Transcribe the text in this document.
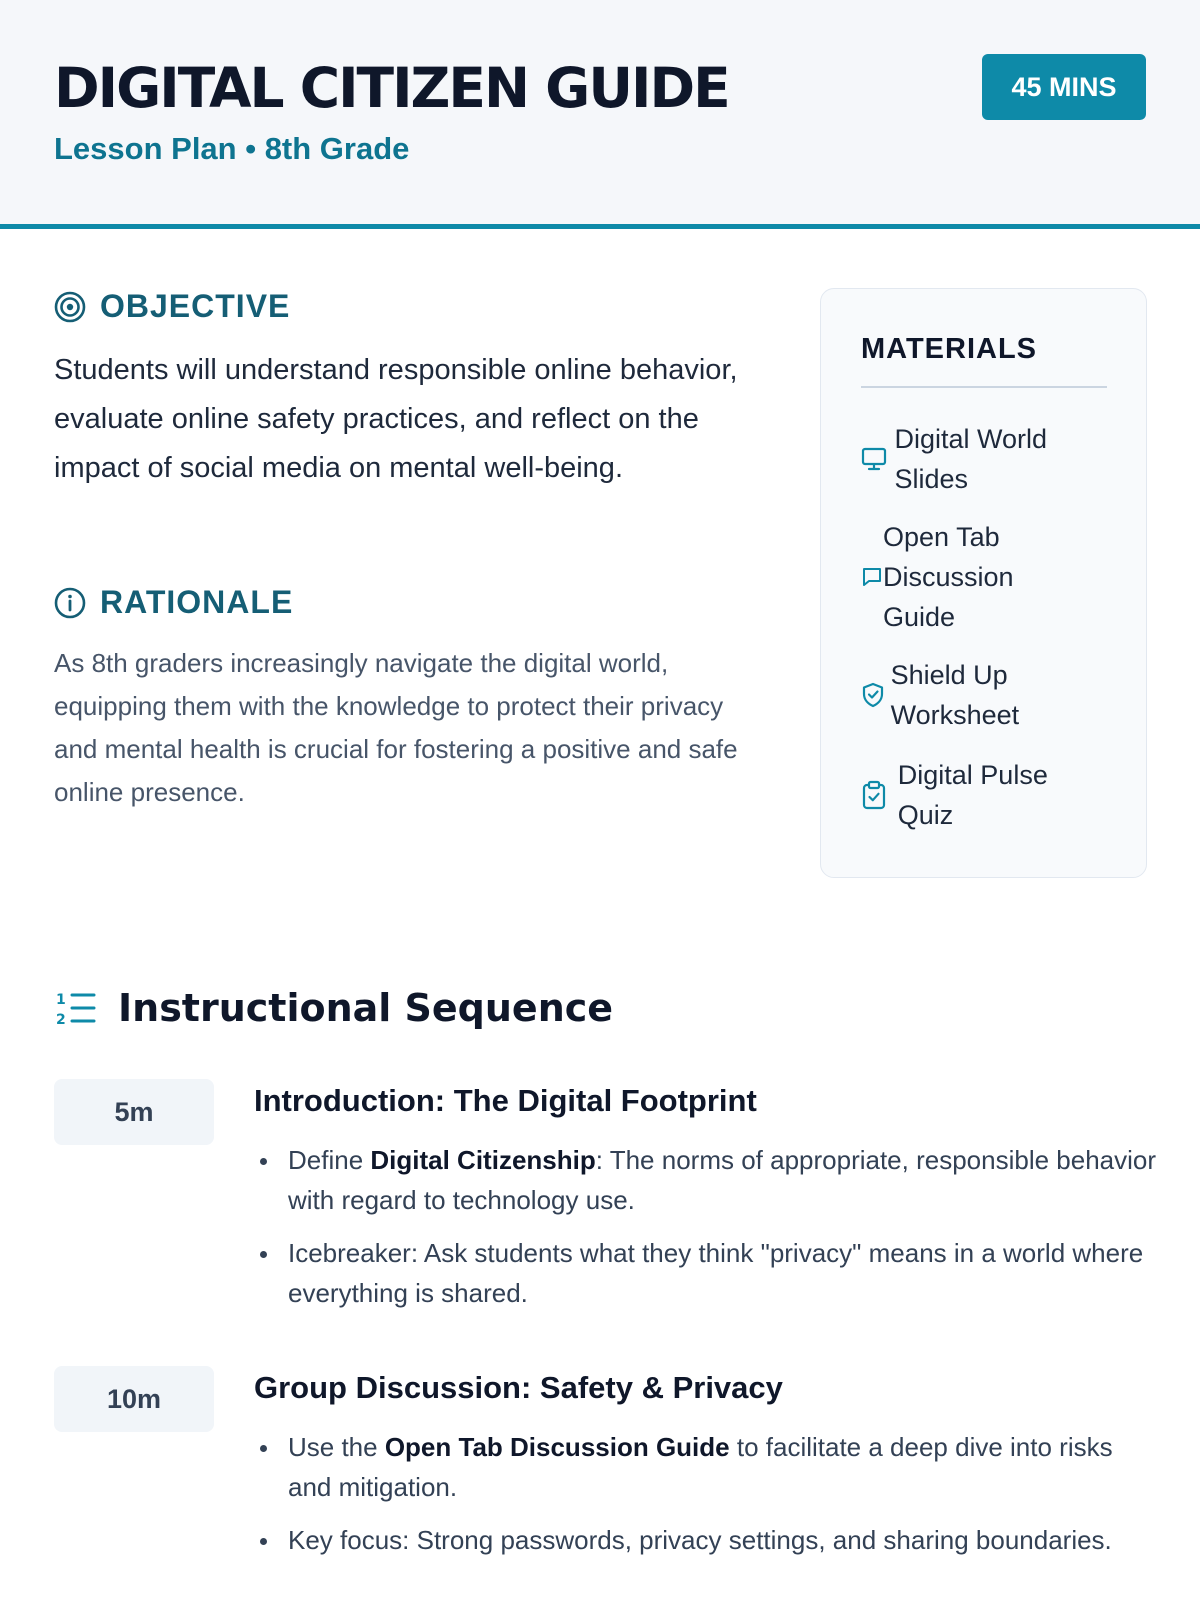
DIGITAL CITIZEN GUIDE
Lesson Plan • 8th Grade
45 MINS
OBJECTIVE
Students will understand responsible online behavior, evaluate online safety practices, and reflect on the impact of social media on mental well-being.
RATIONALE
As 8th graders increasingly navigate the digital world, equipping them with the knowledge to protect their privacy and mental health is crucial for fostering a positive and safe online presence.
MATERIALS
Digital World Slides
Open Tab Discussion Guide
Shield Up Worksheet
Digital Pulse Quiz
1
2 Instructional Sequence
5m	Introduction: The Digital Footprint
Define Digital Citizenship: The norms of appropriate, responsible behavior with regard to technology use.
Icebreaker: Ask students what they think "privacy" means in a world where everything is shared.
10m	Group Discussion: Safety & Privacy
Use the Open Tab Discussion Guide to facilitate a deep dive into risks and mitigation.
Key focus: Strong passwords, privacy settings, and sharing boundaries.
